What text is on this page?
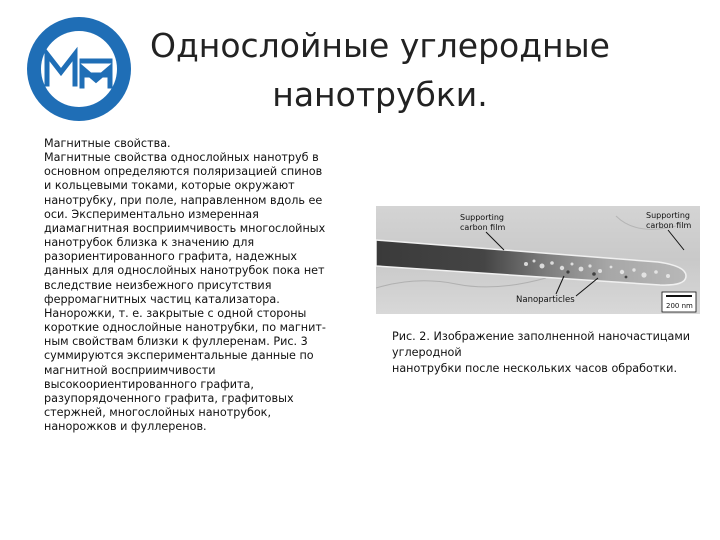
Однослойные углеродные
нанотрубки.
Магнитные свойства.
Магнитные свойства однослойных нанотруб в
основном определяются поляризацией спинов
и кольцевыми токами, которые окружают
нанотрубку, при поле, направленном вдоль ее
оси. Экспериментально измеренная
диамагнитная восприимчивость многослойных
нанотрубок близка к значению для
разориентированного графита, надежных
данных для однослойных нанотрубок пока нет
вследствие неизбежного присутствия
ферромагнитных частиц катализатора.
Наноpожки, т. е. закрытые с одной стороны
короткие однослойные нанотрубки, по магнит-
ным свойствам близки к фуллеренам. Рис. 3
суммируются экспериментальные данные по
магнитной восприимчивости
высокоориентированного графита,
разупорядоченного графита, графитовых
стержней, многослойных нанотрубок,
нанорожков и фуллеренов.
Supporting
carbon film
Supporting
carbon film
Nanoparticles
200 nm
Рис. 2. Изображение заполненной наночастицами
углеродной
нанотрубки после нескольких часов обработки.
